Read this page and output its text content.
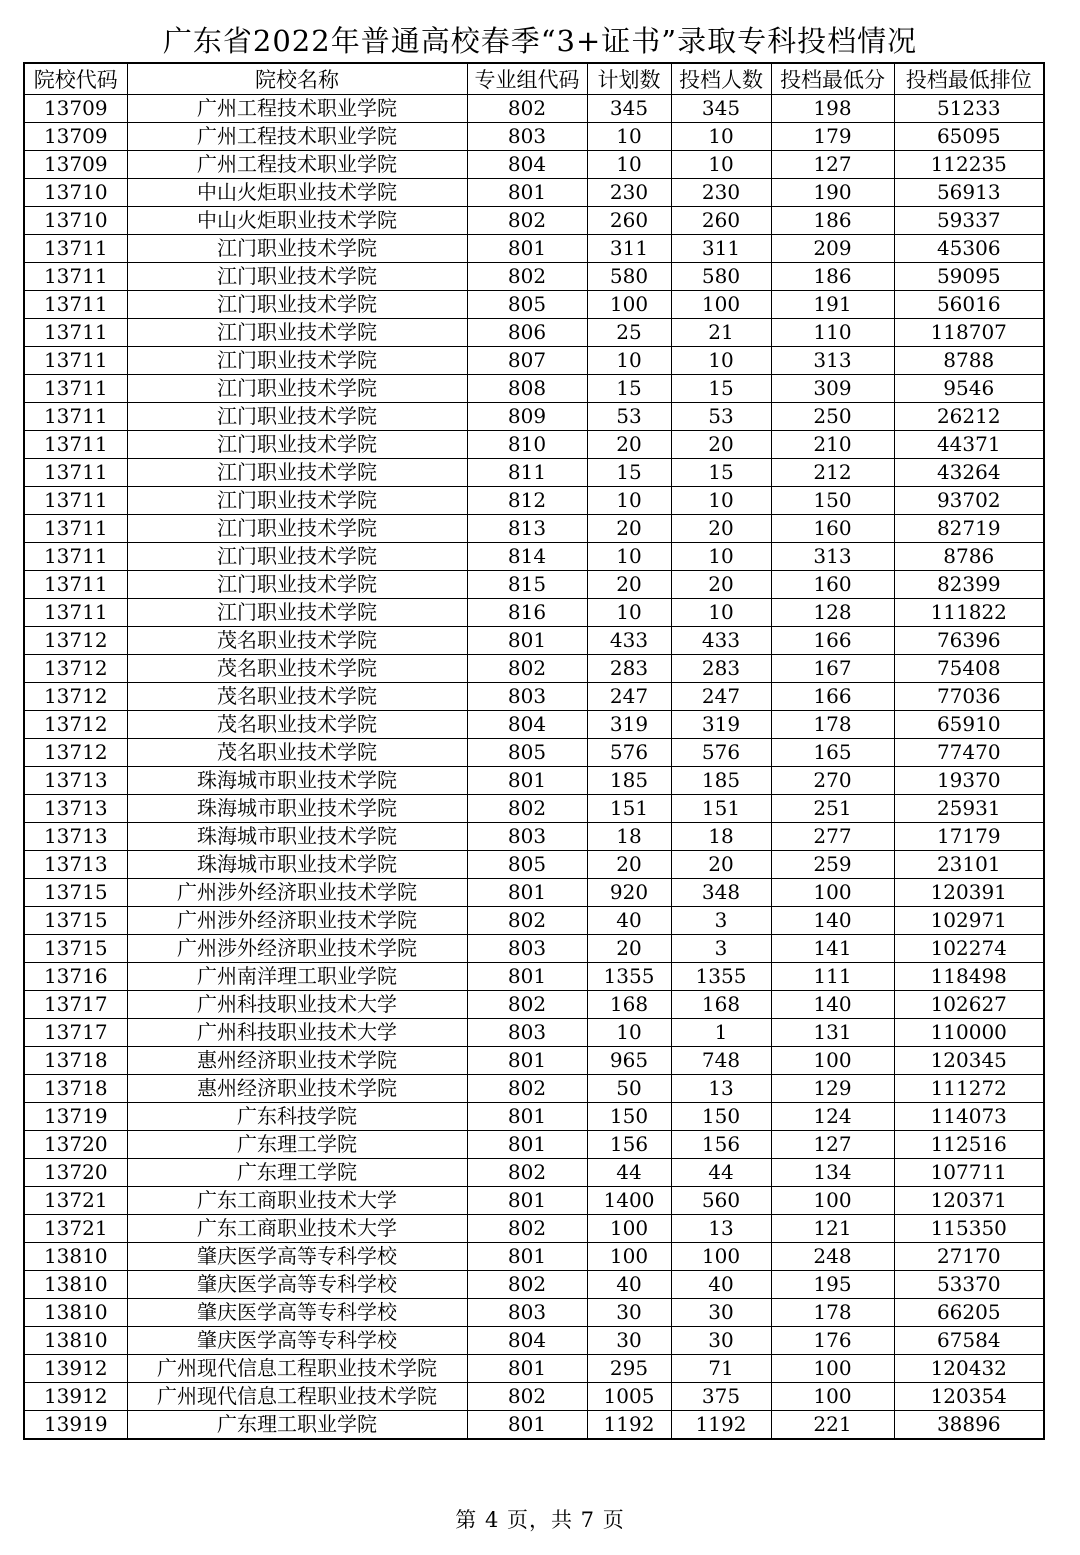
广东省2022年普通高校春季“3+证书”录取专科投档情况
院校代码	院校名称	专业组代码	计划数	投档人数	投档最低分	投档最低排位
13709	广州工程技术职业学院	802	345	345	198	51233
13709	广州工程技术职业学院	803	10	10	179	65095
13709	广州工程技术职业学院	804	10	10	127	112235
13710	中山火炬职业技术学院	801	230	230	190	56913
13710	中山火炬职业技术学院	802	260	260	186	59337
13711	江门职业技术学院	801	311	311	209	45306
13711	江门职业技术学院	802	580	580	186	59095
13711	江门职业技术学院	805	100	100	191	56016
13711	江门职业技术学院	806	25	21	110	118707
13711	江门职业技术学院	807	10	10	313	8788
13711	江门职业技术学院	808	15	15	309	9546
13711	江门职业技术学院	809	53	53	250	26212
13711	江门职业技术学院	810	20	20	210	44371
13711	江门职业技术学院	811	15	15	212	43264
13711	江门职业技术学院	812	10	10	150	93702
13711	江门职业技术学院	813	20	20	160	82719
13711	江门职业技术学院	814	10	10	313	8786
13711	江门职业技术学院	815	20	20	160	82399
13711	江门职业技术学院	816	10	10	128	111822
13712	茂名职业技术学院	801	433	433	166	76396
13712	茂名职业技术学院	802	283	283	167	75408
13712	茂名职业技术学院	803	247	247	166	77036
13712	茂名职业技术学院	804	319	319	178	65910
13712	茂名职业技术学院	805	576	576	165	77470
13713	珠海城市职业技术学院	801	185	185	270	19370
13713	珠海城市职业技术学院	802	151	151	251	25931
13713	珠海城市职业技术学院	803	18	18	277	17179
13713	珠海城市职业技术学院	805	20	20	259	23101
13715	广州涉外经济职业技术学院	801	920	348	100	120391
13715	广州涉外经济职业技术学院	802	40	3	140	102971
13715	广州涉外经济职业技术学院	803	20	3	141	102274
13716	广州南洋理工职业学院	801	1355	1355	111	118498
13717	广州科技职业技术大学	802	168	168	140	102627
13717	广州科技职业技术大学	803	10	1	131	110000
13718	惠州经济职业技术学院	801	965	748	100	120345
13718	惠州经济职业技术学院	802	50	13	129	111272
13719	广东科技学院	801	150	150	124	114073
13720	广东理工学院	801	156	156	127	112516
13720	广东理工学院	802	44	44	134	107711
13721	广东工商职业技术大学	801	1400	560	100	120371
13721	广东工商职业技术大学	802	100	13	121	115350
13810	肇庆医学高等专科学校	801	100	100	248	27170
13810	肇庆医学高等专科学校	802	40	40	195	53370
13810	肇庆医学高等专科学校	803	30	30	178	66205
13810	肇庆医学高等专科学校	804	30	30	176	67584
13912	广州现代信息工程职业技术学院	801	295	71	100	120432
13912	广州现代信息工程职业技术学院	802	1005	375	100	120354
13919	广东理工职业学院	801	1192	1192	221	38896
第 4 页，共 7 页
